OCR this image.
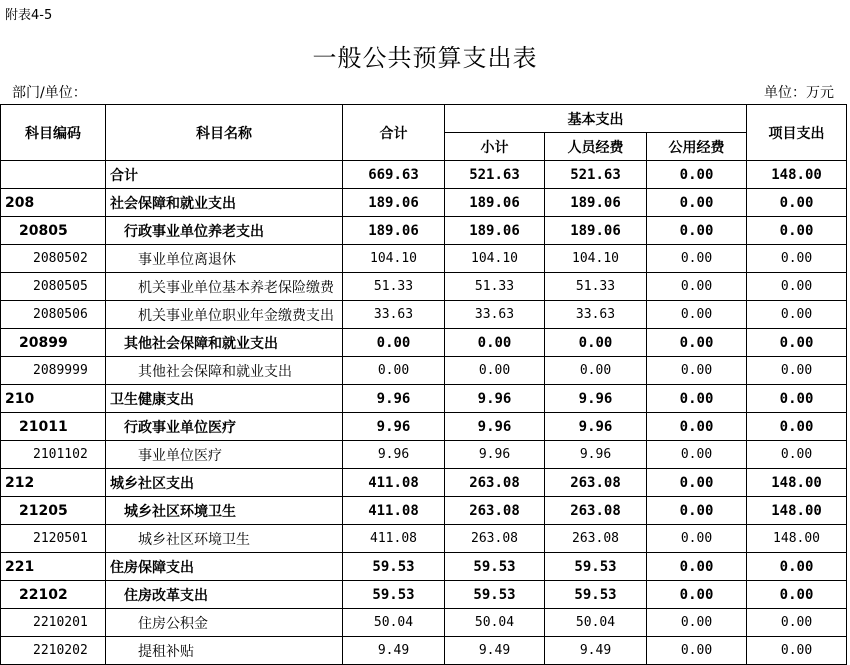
附表4-5
一般公共预算支出表
部门/单位：	单位：万元
科目编码	科目名称	合计	基本支出			项目支出
			小计	人员经费	公用经费	
	合计	669.63	521.63	521.63	0.00	148.00
208	社会保障和就业支出	189.06	189.06	189.06	0.00	0.00
20805	行政事业单位养老支出	189.06	189.06	189.06	0.00	0.00
2080502	事业单位离退休	104.10	104.10	104.10	0.00	0.00
2080505	机关事业单位基本养老保险缴费	51.33	51.33	51.33	0.00	0.00
2080506	机关事业单位职业年金缴费支出	33.63	33.63	33.63	0.00	0.00
20899	其他社会保障和就业支出	0.00	0.00	0.00	0.00	0.00
2089999	其他社会保障和就业支出	0.00	0.00	0.00	0.00	0.00
210	卫生健康支出	9.96	9.96	9.96	0.00	0.00
21011	行政事业单位医疗	9.96	9.96	9.96	0.00	0.00
2101102	事业单位医疗	9.96	9.96	9.96	0.00	0.00
212	城乡社区支出	411.08	263.08	263.08	0.00	148.00
21205	城乡社区环境卫生	411.08	263.08	263.08	0.00	148.00
2120501	城乡社区环境卫生	411.08	263.08	263.08	0.00	148.00
221	住房保障支出	59.53	59.53	59.53	0.00	0.00
22102	住房改革支出	59.53	59.53	59.53	0.00	0.00
2210201	住房公积金	50.04	50.04	50.04	0.00	0.00
2210202	提租补贴	9.49	9.49	9.49	0.00	0.00
